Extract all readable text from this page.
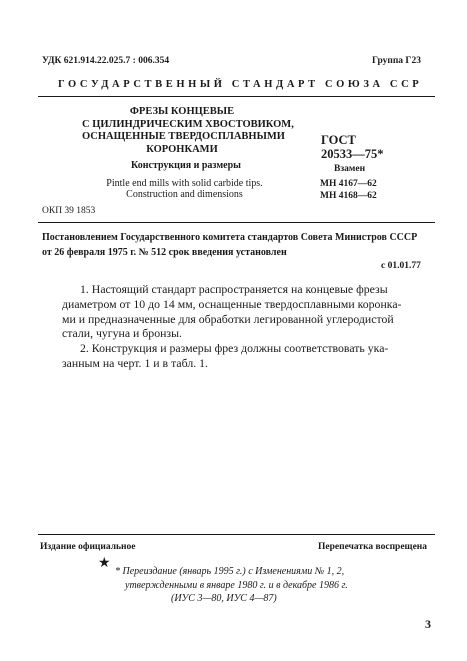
УДК 621.914.22.025.7 : 006.354	Группа Г23
ГОСУДАРСТВЕННЫЙ СТАНДАРТ СОЮЗА ССР
ФРЕЗЫ КОНЦЕВЫЕ
С ЦИЛИНДРИЧЕСКИМ ХВОСТОВИКОМ,
ОСНАЩЕННЫЕ ТВЕРДОСПЛАВНЫМИ
КОРОНКАМИ
ГОСТ
20533—75*
Конструкция и размеры	Взамен
Pintle end mills with solid carbide tips.
Construction and dimensions
МН 4167—62
МН 4168—62
ОКП 39 1853
Постановлением Государственного комитета стандартов Совета Министров СССР
от 26 февраля 1975 г. № 512 срок введения установлен
с 01.01.77
1. Настоящий стандарт распространяется на концевые фрезы
диаметром от 10 до 14 мм, оснащенные твердосплавными коронка-
ми и предназначенные для обработки легированной углеродистой
стали, чугуна и бронзы.
2. Конструкция и размеры фрез должны соответствовать ука-
занным на черт. 1 и в табл. 1.
Издание официальное	Перепечатка воспрещена
★
* Переиздание (январь 1995 г.) с Изменениями № 1, 2,
утвержденными в январе 1980 г. и в декабре 1986 г.
(ИУС 3—80, ИУС 4—87)
3
